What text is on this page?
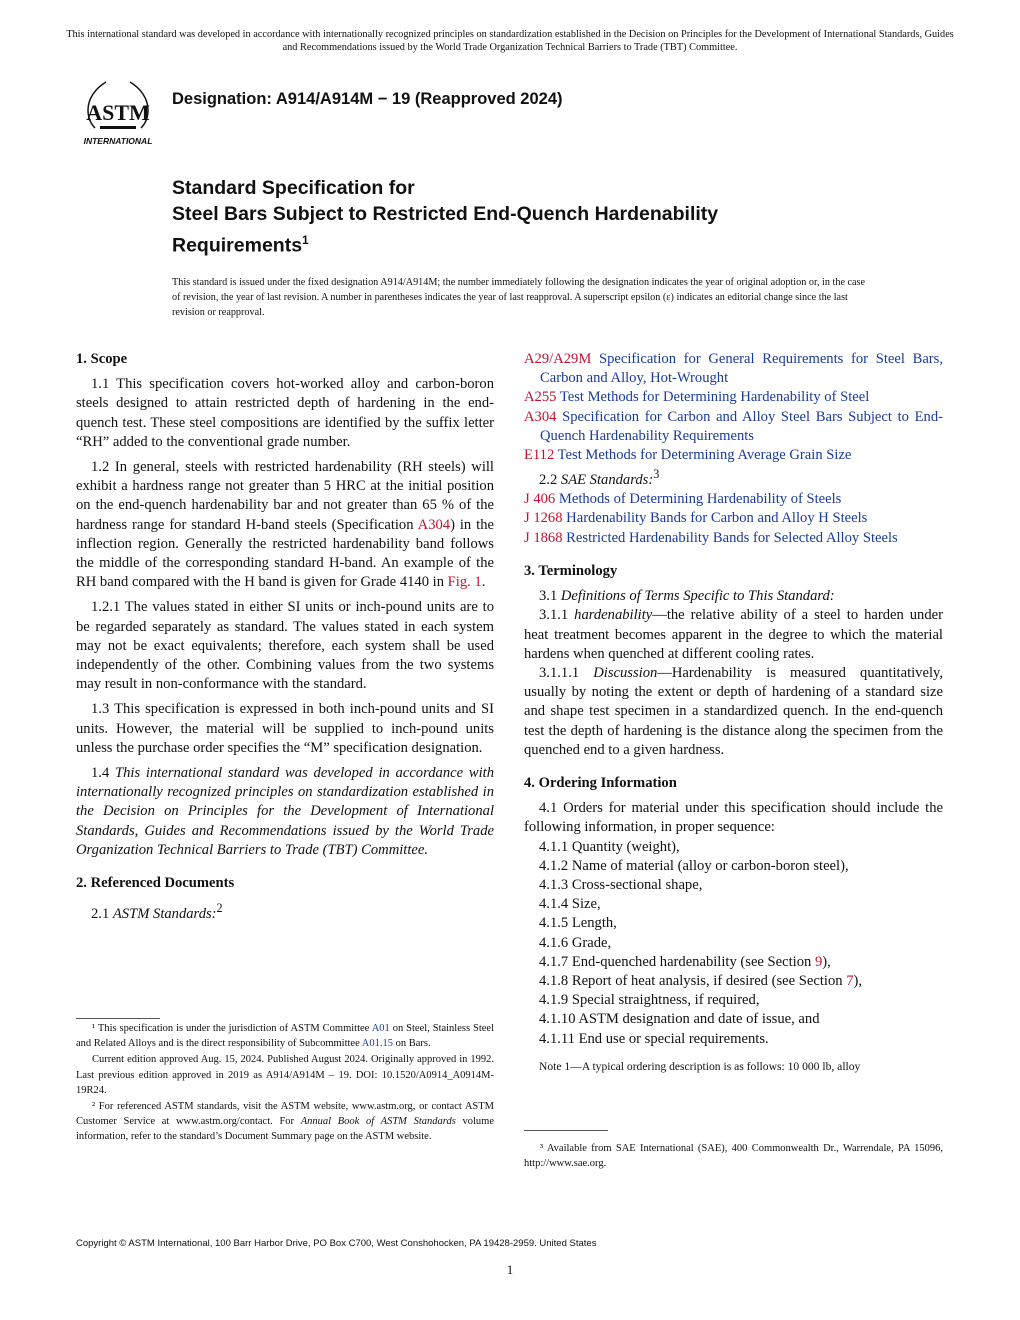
This international standard was developed in accordance with internationally recognized principles on standardization established in the Decision on Principles for the Development of International Standards, Guides and Recommendations issued by the World Trade Organization Technical Barriers to Trade (TBT) Committee.
ASTM
INTERNATIONAL
Designation: A914/A914M − 19 (Reapproved 2024)
Standard Specification for
Steel Bars Subject to Restricted End-Quench Hardenability
Requirements$^1$
This standard is issued under the fixed designation A914/A914M; the number immediately following the designation indicates the year of original adoption or, in the case of revision, the year of last revision. A number in parentheses indicates the year of last reapproval. A superscript epsilon (ε) indicates an editorial change since the last revision or reapproval.
1. Scope

1.1 This specification covers hot-worked alloy and carbon-boron steels designed to attain restricted depth of hardening in the end-quench test. These steel compositions are identified by the suffix letter “RH” added to the conventional grade number.

1.2 In general, steels with restricted hardenability (RH steels) will exhibit a hardness range not greater than 5 HRC at the initial position on the end-quench hardenability bar and not greater than 65 % of the hardness range for standard H-band steels (Specification A304) in the inflection region. Generally the restricted hardenability band follows the middle of the corresponding standard H-band. An example of the RH band compared with the H band is given for Grade 4140 in Fig. 1.

1.2.1 The values stated in either SI units or inch-pound units are to be regarded separately as standard. The values stated in each system may not be exact equivalents; therefore, each system shall be used independently of the other. Combining values from the two systems may result in non-conformance with the standard.

1.3 This specification is expressed in both inch-pound units and SI units. However, the material will be supplied to inch-pound units unless the purchase order specifies the “M” specification designation.

1.4 This international standard was developed in accordance with internationally recognized principles on standardization established in the Decision on Principles for the Development of International Standards, Guides and Recommendations issued by the World Trade Organization Technical Barriers to Trade (TBT) Committee.

2. Referenced Documents

2.1 ASTM Standards:$^2$

¹ This specification is under the jurisdiction of ASTM Committee A01 on Steel, Stainless Steel and Related Alloys and is the direct responsibility of Subcommittee A01.15 on Bars.

Current edition approved Aug. 15, 2024. Published August 2024. Originally approved in 1992. Last previous edition approved in 2019 as A914/A914M – 19. DOI: 10.1520/A0914_A0914M-19R24.

² For referenced ASTM standards, visit the ASTM website, www.astm.org, or contact ASTM Customer Service at www.astm.org/contact. For Annual Book of ASTM Standards volume information, refer to the standard’s Document Summary page on the ASTM website.

A29/A29M Specification for General Requirements for Steel Bars, Carbon and Alloy, Hot-Wrought
A255 Test Methods for Determining Hardenability of Steel
A304 Specification for Carbon and Alloy Steel Bars Subject to End-Quench Hardenability Requirements
E112 Test Methods for Determining Average Grain Size

2.2 SAE Standards:$^3$

J 406 Methods of Determining Hardenability of Steels
J 1268 Hardenability Bands for Carbon and Alloy H Steels
J 1868 Restricted Hardenability Bands for Selected Alloy Steels
3. Terminology

3.1 Definitions of Terms Specific to This Standard:

3.1.1 hardenability—the relative ability of a steel to harden under heat treatment becomes apparent in the degree to which the material hardens when quenched at different cooling rates.

3.1.1.1 Discussion—Hardenability is measured quantitatively, usually by noting the extent or depth of hardening of a standard size and shape test specimen in a standardized quench. In the end-quench test the depth of hardening is the distance along the specimen from the quenched end to a given hardness.

4. Ordering Information

4.1 Orders for material under this specification should include the following information, in proper sequence:

4.1.1 Quantity (weight),
4.1.2 Name of material (alloy or carbon-boron steel),
4.1.3 Cross-sectional shape,
4.1.4 Size,
4.1.5 Length,
4.1.6 Grade,
4.1.7 End-quenched hardenability (see Section 9),
4.1.8 Report of heat analysis, if desired (see Section 7),
4.1.9 Special straightness, if required,
4.1.10 ASTM designation and date of issue, and
4.1.11 End use or special requirements.
Note 1—A typical ordering description is as follows: 10 000 lb, alloy

³ Available from SAE International (SAE), 400 Commonwealth Dr., Warrendale, PA 15096, http://www.sae.org.

Copyright © ASTM International, 100 Barr Harbor Drive, PO Box C700, West Conshohocken, PA 19428-2959. United States
1
